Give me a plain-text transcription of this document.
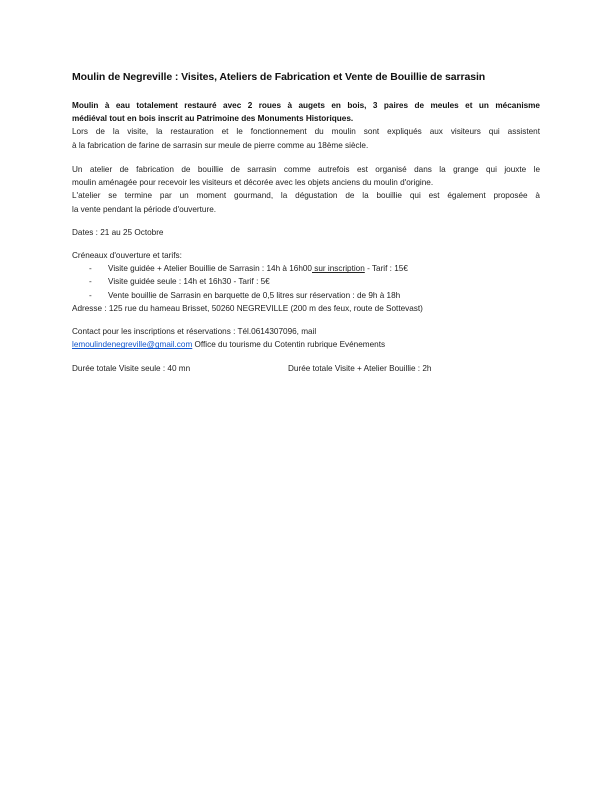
Moulin de Negreville : Visites, Ateliers de Fabrication et Vente de Bouillie de sarrasin
Moulin à eau totalement restauré avec 2 roues à augets en bois, 3 paires de meules et un mécanisme
médiéval tout en bois inscrit au Patrimoine des Monuments Historiques.
Lors de la visite, la restauration et le fonctionnement du moulin sont expliqués aux visiteurs qui assistent
à la fabrication de farine de sarrasin sur meule de pierre comme au 18ème siècle.
Un atelier de fabrication de bouillie de sarrasin comme autrefois est organisé dans la grange qui jouxte le
moulin aménagée pour recevoir les visiteurs et décorée avec les objets anciens du moulin d'origine.
L'atelier se termine par un moment gourmand, la dégustation de la bouillie qui est également proposée à
la vente pendant la période d'ouverture.
Dates : 21 au 25 Octobre
Créneaux d'ouverture et tarifs:
-	Visite guidée + Atelier Bouillie de Sarrasin : 14h à 16h00 sur inscription - Tarif : 15€
-	Visite guidée seule : 14h et 16h30 - Tarif : 5€
-	Vente bouillie de Sarrasin en barquette de 0,5 litres sur réservation : de 9h à 18h
Adresse : 125 rue du hameau Brisset, 50260 NEGREVILLE (200 m des feux, route de Sottevast)
Contact pour les inscriptions et réservations : Tél.0614307096, mail
lemoulindenegreville@gmail.com Office du tourisme du Cotentin rubrique Evénements
Durée totale Visite seule : 40 mn	Durée totale Visite + Atelier Bouillie : 2h
